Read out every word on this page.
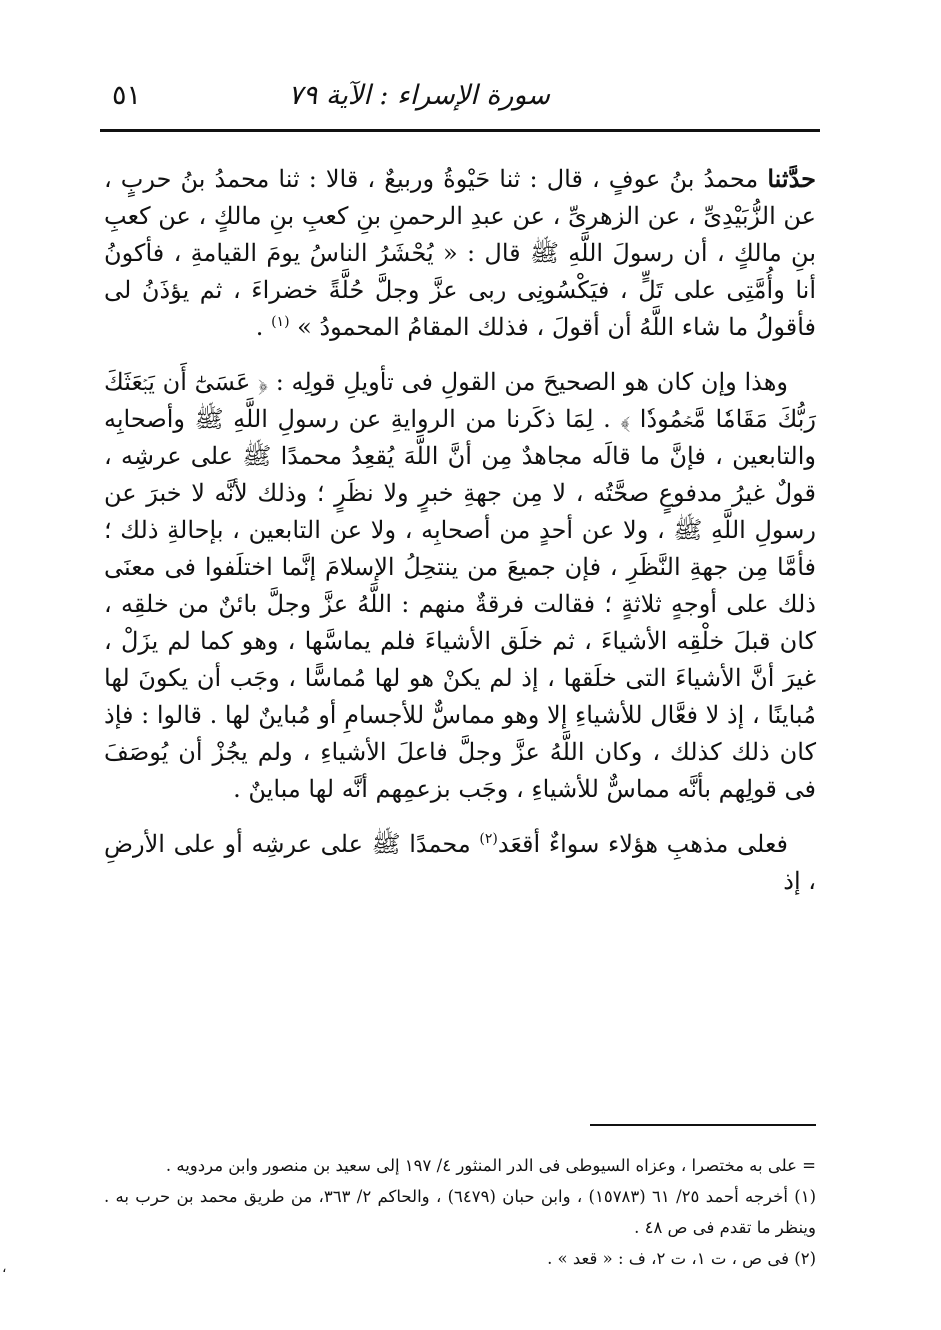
سورة الإسراء : الآية ٧٩
٥١

حدَّثنا محمدُ بنُ عوفٍ ، قال : ثنا حَيْوةُ وربيعٌ ، قالا : ثنا محمدُ بنُ حربٍ ، عن الزُّبَيْدِىِّ ، عن الزهرىِّ ، عن عبدِ الرحمنِ بنِ كعبِ بنِ مالكٍ ، عن كعبِ بنِ مالكٍ ، أن رسولَ اللَّهِ ﷺ قال : « يُحْشَرُ الناسُ يومَ القيامةِ ، فأكونُ أنا وأُمَّتِى على تَلٍّ ، فيَكْسُونِى ربى عزَّ وجلَّ حُلَّةً خضراءَ ، ثم يؤذَنُ لى فأقولُ ما شاء اللَّهُ أن أقولَ ، فذلك المقامُ المحمودُ » $^{(١)}$ .

وهذا وإن كان هو الصحيحَ من القولِ فى تأويلِ قولِه : ﴿ عَسَىٰٓ أَن يَبۡعَثَكَ رَبُّكَ مَقَامٗا مَّحۡمُودٗا ﴾ . لِمَا ذكَرنا من الروايةِ عن رسولِ اللَّهِ ﷺ وأصحابِه والتابعين ، فإنَّ ما قالَه مجاهدٌ مِن أنَّ اللَّهَ يُقعِدُ محمدًا ﷺ على عرشِه ، قولٌ غيرُ مدفوعٍ صحَّتُه ، لا مِن جهةِ خبرٍ ولا نظَرٍ ؛ وذلك لأنَّه لا خبرَ عن رسولِ اللَّهِ ﷺ ، ولا عن أحدٍ من أصحابِه ، ولا عن التابعين ، بإحالةِ ذلك ؛ فأمَّا مِن جهةِ النَّظَرِ ، فإن جميعَ من ينتحِلُ الإسلامَ إنَّما اختلَفوا فى معنَى ذلك على أوجهٍ ثلاثةٍ ؛ فقالت فرقةٌ منهم : اللَّهُ عزَّ وجلَّ بائنٌ من خلقِه ، كان قبلَ خلْقِه الأشياءَ ، ثم خلَق الأشياءَ فلم يماسَّها ، وهو كما لم يزَلْ ، غيرَ أنَّ الأشياءَ التى خلَقها ، إذ لم يكنْ هو لها مُماسًّا ، وجَب أن يكونَ لها مُباينًا ، إذ لا فعَّال للأشياءِ إلا وهو مماسٌّ للأجسامِ أو مُباينٌ لها . قالوا : فإذ كان ذلك كذلك ، وكان اللَّهُ عزَّ وجلَّ فاعلَ الأشياءِ ، ولم يجُزْ أن يُوصَفَ فى قولِهم بأنَّه مماسٌّ للأشياءِ ، وجَب بزعمِهم أنَّه لها مباينٌ .

فعلى مذهبِ هؤلاء سواءٌ أقعَد$^{(٢)}$ محمدًا ﷺ على عرشِه أو على الأرضِ ، إذ

= على به مختصرا ، وعزاه السيوطى فى الدر المنثور ٤/ ١٩٧ إلى سعيد بن منصور وابن مردويه .

(١) أخرجه أحمد ٢٥/ ٦١ (١٥٧٨٣) ، وابن حبان (٦٤٧٩) ، والحاكم ٢/ ٣٦٣، من طريق محمد بن حرب به . وينظر ما تقدم فى ص ٤٨ .

(٢) فى ص ، ت ١، ت ٢، ف : « قعد » .

،
